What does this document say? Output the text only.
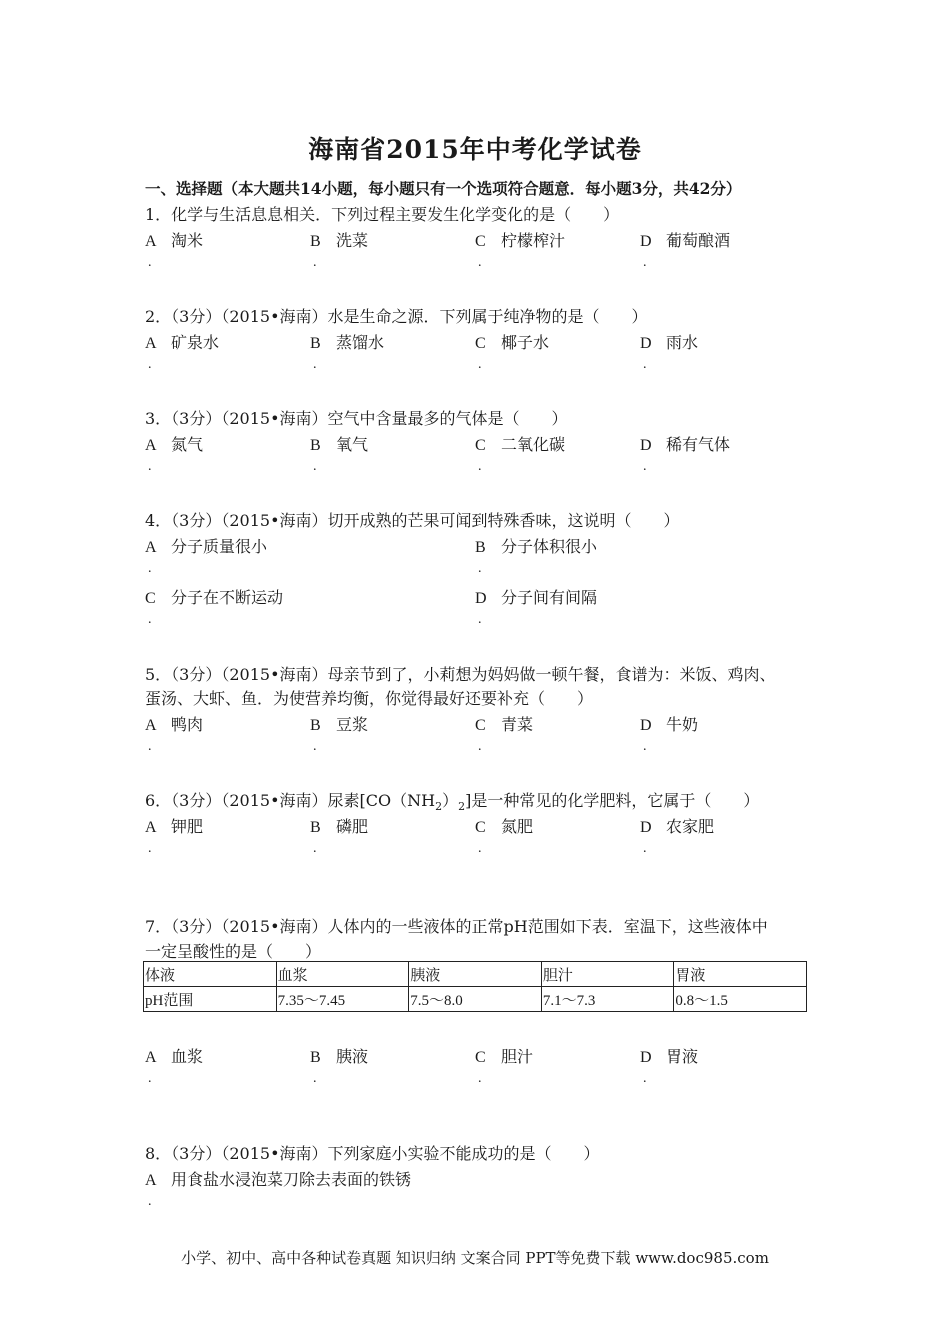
海南省2015年中考化学试卷
一、选择题（本大题共14小题，每小题只有一个选项符合题意．每小题3分，共42分）
1．化学与生活息息相关．下列过程主要发生化学变化的是（　　）
A 淘米	B 洗菜	C 柠檬榨汁	D 葡萄酿酒
.	.	.	.
2．（3分）（2015•海南）水是生命之源．下列属于纯净物的是（　　）
A 矿泉水	B 蒸馏水	C 椰子水	D 雨水
.	.	.	.
3．（3分）（2015•海南）空气中含量最多的气体是（　　）
A 氮气	B 氧气	C 二氧化碳	D 稀有气体
.	.	.	.
4．（3分）（2015•海南）切开成熟的芒果可闻到特殊香味，这说明（　　）
A 分子质量很小	B 分子体积很小
.	.
C 分子在不断运动	D 分子间有间隔
.	.
5．（3分）（2015•海南）母亲节到了，小莉想为妈妈做一顿午餐，食谱为：米饭、鸡肉、
蛋汤、大虾、鱼．为使营养均衡，你觉得最好还要补充（　　）
A 鸭肉	B 豆浆	C 青菜	D 牛奶
.	.	.	.
6．（3分）（2015•海南）尿素$[CO(NH_2)_2]$是一种常见的化学肥料，它属于（　　）
A 钾肥	B 磷肥	C 氮肥	D 农家肥
.	.	.	.
7．（3分）（2015•海南）人体内的一些液体的正常pH范围如下表．室温下，这些液体中
一定呈酸性的是（　　）
体液	血浆	胰液	胆汁	胃液
pH范围	7.35～7.45	7.5～8.0	7.1～7.3	0.8～1.5
A 血浆	B 胰液	C 胆汁	D 胃液
.	.	.	.
8．（3分）（2015•海南）下列家庭小实验不能成功的是（　　）
A 用食盐水浸泡菜刀除去表面的铁锈
.
小学、初中、高中各种试卷真题 知识归纳 文案合同 PPT等免费下载 www.doc985.com
